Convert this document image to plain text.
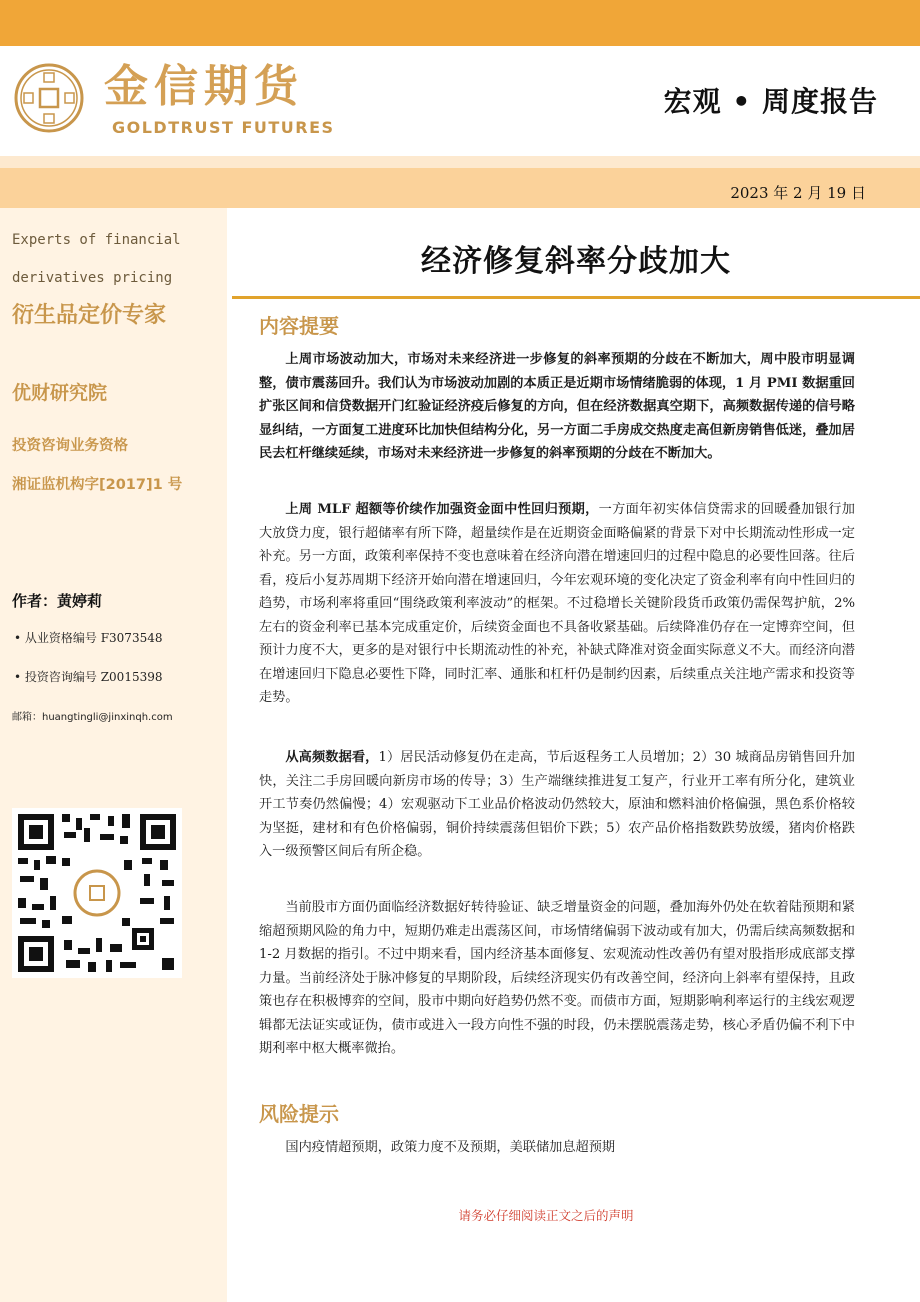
金信期货
GOLDTRUST FUTURES
宏观 • 周度报告
2023 年 2 月 19 日
Experts of financial
derivatives pricing
衍生品定价专家
优财研究院
投资咨询业务资格
湘证监机构字[2017]1 号
作者：黄婷莉
• 从业资格编号 F3073548
• 投资咨询编号 Z0015398
邮箱：huangtingli@jinxinqh.com
经济修复斜率分歧加大
内容提要

上周市场波动加大，市场对未来经济进一步修复的斜率预期的分歧在不断加大，周中股市明显调整，债市震荡回升。我们认为市场波动加剧的本质正是近期市场情绪脆弱的体现，1 月 PMI 数据重回扩张区间和信贷数据开门红验证经济疫后修复的方向，但在经济数据真空期下，高频数据传递的信号略显纠结，一方面复工进度环比加快但结构分化，另一方面二手房成交热度走高但新房销售低迷，叠加居民去杠杆继续延续，市场对未来经济进一步修复的斜率预期的分歧在不断加大。

上周 MLF 超额等价续作加强资金面中性回归预期，一方面年初实体信贷需求的回暖叠加银行加大放贷力度，银行超储率有所下降，超量续作是在近期资金面略偏紧的背景下对中长期流动性形成一定补充。另一方面，政策利率保持不变也意味着在经济向潜在增速回归的过程中隐息的必要性回落。往后看，疫后小复苏周期下经济开始向潜在增速回归，今年宏观环境的变化决定了资金利率有向中性回归的趋势，市场利率将重回“围绕政策利率波动”的框架。不过稳增长关键阶段货币政策仍需保驾护航，2%左右的资金利率已基本完成重定价，后续资金面也不具备收紧基础。后续降准仍存在一定博弈空间，但预计力度不大，更多的是对银行中长期流动性的补充，补缺式降准对资金面实际意义不大。而经济向潜在增速回归下隐息必要性下降，同时汇率、通胀和杠杆仍是制约因素，后续重点关注地产需求和投资等走势。

从高频数据看，1）居民活动修复仍在走高，节后返程务工人员增加；2）30 城商品房销售回升加快，关注二手房回暖向新房市场的传导；3）生产端继续推进复工复产，行业开工率有所分化，建筑业开工节奏仍然偏慢；4）宏观驱动下工业品价格波动仍然较大，原油和燃料油价格偏强，黑色系价格较为坚挺，建材和有色价格偏弱，铜价持续震荡但铝价下跌；5）农产品价格指数跌势放缓，猪肉价格跌入一级预警区间后有所企稳。

当前股市方面仍面临经济数据好转待验证、缺乏增量资金的问题，叠加海外仍处在软着陆预期和紧缩超预期风险的角力中，短期仍难走出震荡区间，市场情绪偏弱下波动或有加大，仍需后续高频数据和 1-2 月数据的指引。不过中期来看，国内经济基本面修复、宏观流动性改善仍有望对股指形成底部支撑力量。当前经济处于脉冲修复的早期阶段，后续经济现实仍有改善空间，经济向上斜率有望保持，且政策也存在积极博弈的空间，股市中期向好趋势仍然不变。而债市方面，短期影响利率运行的主线宏观逻辑都无法证实或证伪，债市或进入一段方向性不强的时段，仍未摆脱震荡走势，核心矛盾仍偏不利下中期利率中枢大概率微抬。

风险提示

国内疫情超预期，政策力度不及预期，美联储加息超预期

请务必仔细阅读正文之后的声明
